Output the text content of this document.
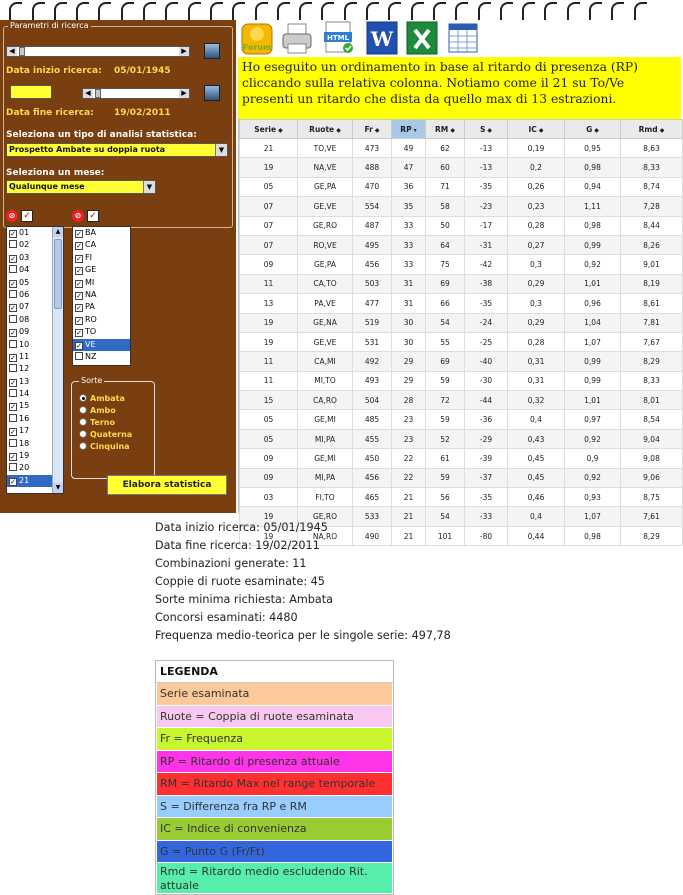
Parametri di ricerca
◀	▶
Data inizio ricerca: 05/01/1945
◀	▶
Data fine ricerca: 19/02/2011
Seleziona un tipo di analisi statistica:
Prospetto Ambate su doppia ruota	▼
Seleziona un mese:
Qualunque mese	▼
⊘ ✓	⊘ ✓
✓ 01
02
✓ 03
04
✓ 05
06
✓ 07
08
✓ 09
10
✓ 11
12
✓ 13
14
✓ 15
16
✓ 17
18
✓ 19
20
✓ 21
▲
▼
✓ BA
✓ CA
✓ FI
✓ GE
✓ MI
✓ NA
✓ PA
✓ RO
✓ TO
✓ VE
NZ
Sorte
Ambata
Ambo
Terno
Quaterna
Cinquina
Elabora statistica
Forum
HTML W
Ho eseguito un ordinamento in base al ritardo di presenza (RP) cliccando sulla relativa colonna. Notiamo come il 21 su To/Ve presenti un ritardo che dista da quello max di 13 estrazioni.
Serie ◆	Ruote ◆	Fr ◆	RP ▾	RM ◆	S ◆	IC ◆	G ◆	Rmd ◆
21	TO,VE	473	49	62	-13	0,19	0,95	8,63
19	NA,VE	488	47	60	-13	0,2	0,98	8,33
05	GE,PA	470	36	71	-35	0,26	0,94	8,74
07	GE,VE	554	35	58	-23	0,23	1,11	7,28
07	GE,RO	487	33	50	-17	0,28	0,98	8,44
07	RO,VE	495	33	64	-31	0,27	0,99	8,26
09	GE,PA	456	33	75	-42	0,3	0,92	9,01
11	CA,TO	503	31	69	-38	0,29	1,01	8,19
13	PA,VE	477	31	66	-35	0,3	0,96	8,61
19	GE,NA	519	30	54	-24	0,29	1,04	7,81
19	GE,VE	531	30	55	-25	0,28	1,07	7,67
11	CA,MI	492	29	69	-40	0,31	0,99	8,29
11	MI,TO	493	29	59	-30	0,31	0,99	8,33
15	CA,RO	504	28	72	-44	0,32	1,01	8,01
05	GE,MI	485	23	59	-36	0,4	0,97	8,54
05	MI,PA	455	23	52	-29	0,43	0,92	9,04
09	GE,MI	450	22	61	-39	0,45	0,9	9,08
09	MI,PA	456	22	59	-37	0,45	0,92	9,06
03	FI,TO	465	21	56	-35	0,46	0,93	8,75
19	GE,RO	533	21	54	-33	0,4	1,07	7,61
19	NA,RO	490	21	101	-80	0,44	0,98	8,29
Data inizio ricerca: 05/01/1945
Data fine ricerca: 19/02/2011
Combinazioni generate: 11
Coppie di ruote esaminate: 45
Sorte minima richiesta: Ambata
Concorsi esaminati: 4480
Frequenza medio-teorica per le singole serie: 497,78
LEGENDA
Serie esaminata
Ruote = Coppia di ruote esaminata
Fr = Frequenza
RP = Ritardo di presenza attuale
RM = Ritardo Max nel range temporale
S = Differenza fra RP e RM
IC = Indice di convenienza
G = Punto G (Fr/Ft)
Rmd = Ritardo medio escludendo Rit. attuale
